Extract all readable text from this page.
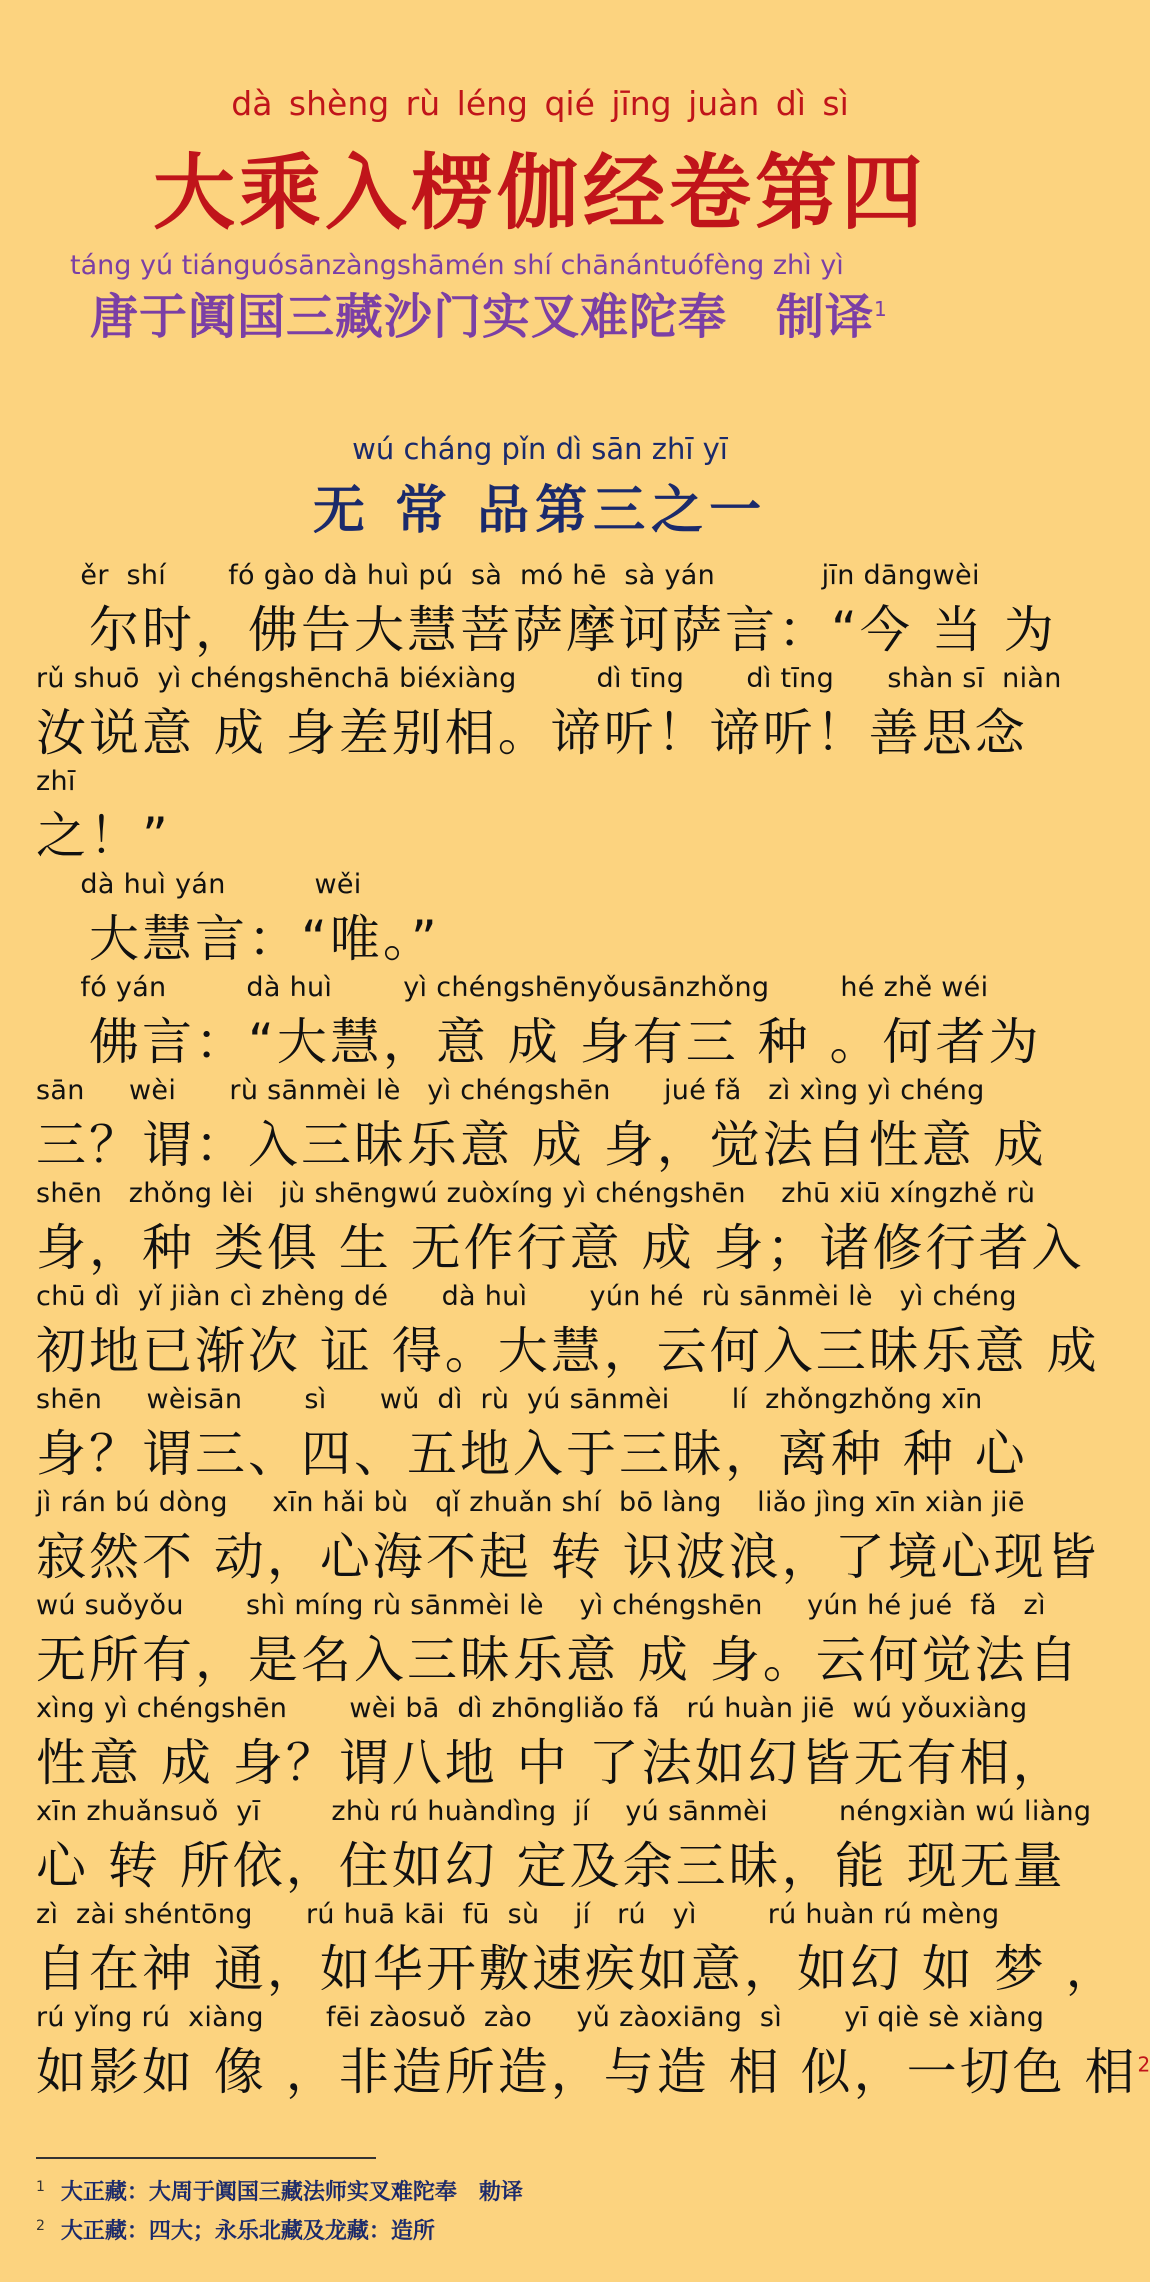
dà shèng rù léng qié jīng juàn dì sì
大乘入楞伽经卷第四
táng yú tiánguósānzàngshāmén shí chānántuófèng zhì yì
唐于阗国三藏沙门实叉难陀奉　制译$^1$
wú cháng pǐn dì sān zhī yī
无 常 品第三之一
ěr  shí       fó gào dà huì pú  sà  mó hē  sà yán            jīn dāngwèi
　尔时，佛告大慧菩萨摩诃萨言：“今 当 为
rǔ shuō  yì chéngshēnchā biéxiàng         dì tīng       dì tīng      shàn sī  niàn
汝说意 成 身差别相。谛听！谛听！善思念
zhī
之！”
dà huì yán          wěi
　大慧言：“唯。”
fó yán         dà huì        yì chéngshēnyǒusānzhǒng        hé zhě wéi
　佛言：“大慧，意 成 身有三 种 。何者为
sān     wèi      rù sānmèi lè   yì chéngshēn      jué fǎ   zì xìng yì chéng
三？谓：入三昧乐意 成 身，觉法自性意 成
shēn   zhǒng lèi   jù shēngwú zuòxíng yì chéngshēn    zhū xiū xíngzhě rù
身，种 类俱 生 无作行意 成 身；诸修行者入
chū dì  yǐ jiàn cì zhèng dé      dà huì       yún hé  rù sānmèi lè   yì chéng
初地已渐次 证 得。大慧，云何入三昧乐意 成
shēn     wèisān       sì      wǔ  dì  rù  yú sānmèi       lí  zhǒngzhǒng xīn
身？谓三、四、五地入于三昧，离种 种 心
jì rán bú dòng     xīn hǎi bù   qǐ zhuǎn shí  bō làng    liǎo jìng xīn xiàn jiē
寂然不 动，心海不起 转 识波浪，了境心现皆
wú suǒyǒu       shì míng rù sānmèi lè    yì chéngshēn     yún hé jué  fǎ   zì
无所有，是名入三昧乐意 成 身。云何觉法自
xìng yì chéngshēn       wèi bā  dì zhōngliǎo fǎ   rú huàn jiē  wú yǒuxiàng
性意 成 身？谓八地 中 了法如幻皆无有相，
xīn zhuǎnsuǒ  yī        zhù rú huàndìng  jí    yú sānmèi        néngxiàn wú liàng
心 转 所依，住如幻 定及余三昧，能 现无量
zì  zài shéntōng      rú huā kāi  fū  sù    jí   rú   yì        rú huàn rú mèng
自在神 通，如华开敷速疾如意，如幻 如 梦 ，
rú yǐng rú  xiàng       fēi zàosuǒ  zào     yǔ zàoxiāng  sì       yī qiè sè xiàng
如影如 像 ，非造所造，与造 相 似，一切色 相$^2$
$^1$ 大正藏：大周于阗国三藏法师实叉难陀奉　勅译
$^2$ 大正藏：四大；永乐北藏及龙藏：造所
